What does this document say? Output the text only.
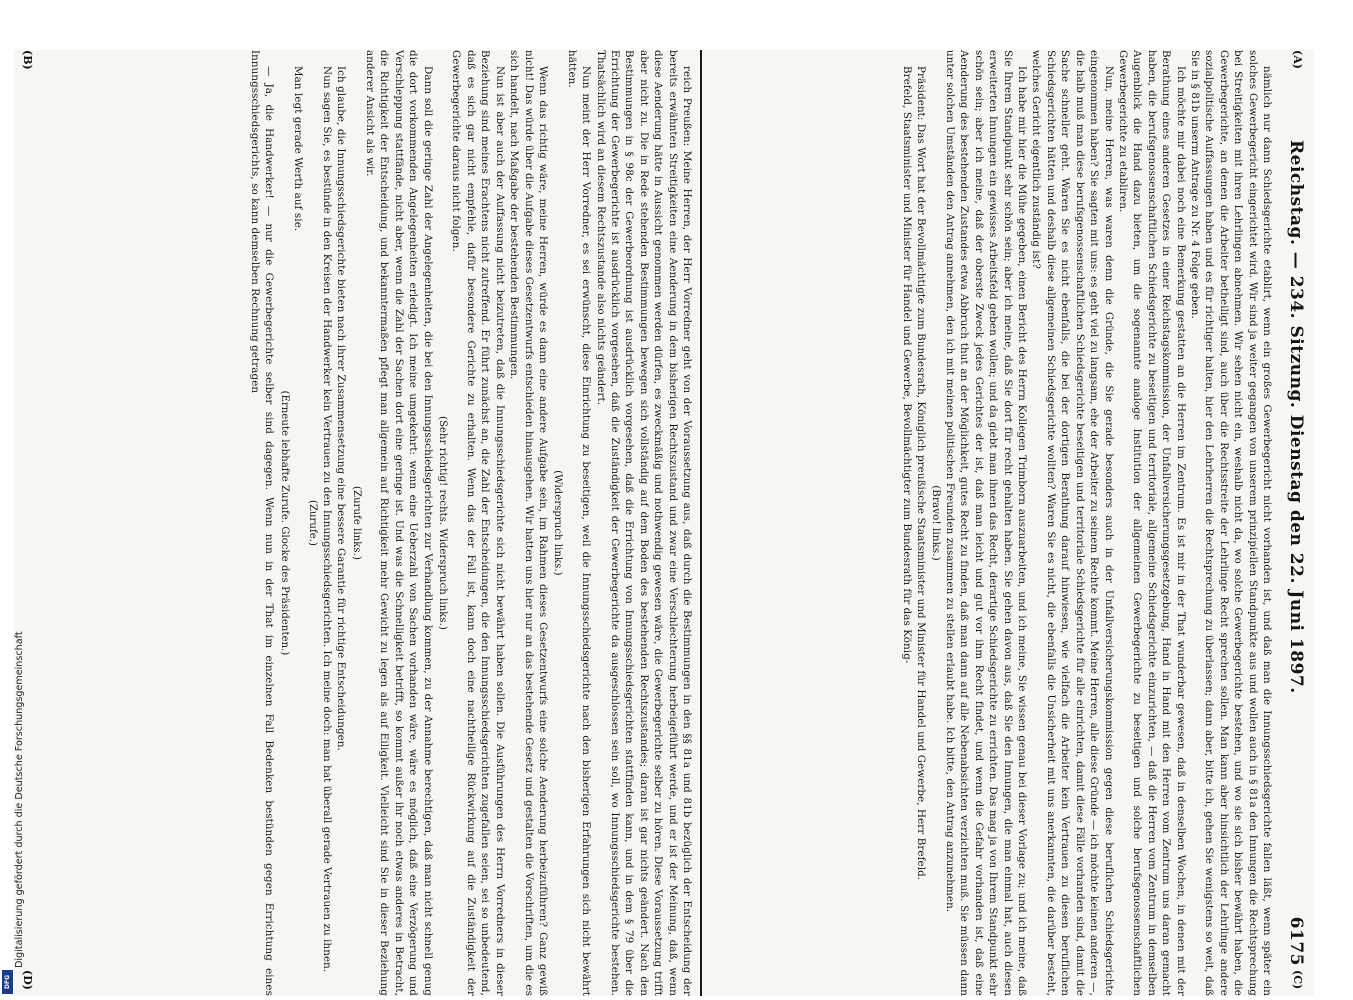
Reichstag. — 234. Sitzung. Dienstag den 22. Juni 1897.
6175
(A)
(B)
(C)
(D)	nämlich nur dann Schiedsgerichte etablirt, wenn ein großes Gewerbegericht nicht vorhanden ist, und daß man die Innungsschiedsgerichte fallen läßt, wenn später ein solches Gewerbegericht eingerichtet wird. Wir sind ja weiter gegangen von unserem prinzipiellen Standpunkte aus und wollen auch in § 81a den Innungen die Rechtsprechung bei Streitigkeiten mit ihren Lehrlingen abnehmen. Wir sehen nicht ein, weshalb nicht da, wo solche Gewerbegerichte bestehen, und wo sie sich bisher bewährt haben, die Gewerbegerichte, an denen die Arbeiter betheiligt sind, auch über die Rechtsstreite der Lehrlinge Recht sprechen sollen. Man kann aber hinsichtlich der Lehrlinge andere sozialpolitische Auffassungen haben und es für richtiger halten, hier den Lehrherren die Rechtsprechung zu überlassen; dann aber, bitte ich, gehen Sie wenigstens so weit, daß Sie in § 81b unserm Antrage zu Nr. 4 Folge geben.

Ich möchte mir dabei noch eine Bemerkung gestatten an die Herren im Zentrum. Es ist mir in der That wunderbar gewesen, daß in denselben Wochen, in denen mit der Berathung eines anderen Gesetzes in einer Reichstagskommission, der Unfallversicherungsgesetzgebung, Hand in Hand mit den Herren vom Zentrum uns daran gemacht haben, die berufsgenossenschaftlichen Schiedsgerichte zu beseitigen und territoriale, allgemeine Schiedsgerichte einzurichten, — daß die Herren vom Zentrum in demselben Augenblick die Hand dazu bieten, um die sogenannte analoge Institution der allgemeinen Gewerbegerichte zu beseitigen und solche berufsgenossenschaftlichen Gewerbegerichte zu etabliren.

Nun, meine Herren, was waren denn die Gründe, die Sie gerade besonders auch in der Unfallversicherungskommission gegen diese beruflichen Schiedsgerichte eingenommen haben? Sie sagten mit uns: es geht viel zu langsam, ehe der Arbeiter zu seinem Rechte kommt. Meine Herren, alle diese Gründe — ich möchte keinen anderen —, die halb muß man diese berufsgenossenschaftlichen Schiedsgerichte beseitigen und territoriale Schiedsgerichte für alle einrichten, damit diese Fälle vorhanden sind, damit die Sache schneller geht. Waren Sie es nicht ebenfalls, die bei der dortigen Berathung darauf hinwiesen, wie vielfach die Arbeiter kein Vertrauen zu diesen beruflichen Schiedsgerichten hätten und deshalb diese allgemeinen Schiedsgerichte wollten? Waren Sie es nicht, die ebenfalls die Unsicherheit mit uns anerkannten, die darüber besteht, welches Gericht eigentlich zuständig ist?

Ich habe mir hier die Mühe gegeben, einen Bericht des Herrn Kollegen Trimborn auszuarbeiten, und ich meine, Sie wissen genau bei dieser Vorlage zu; und ich meine, daß Sie Ihrem Standpunkt sehr schön sein; aber ich meine, daß Sie dort für recht gehalten haben. Sie gehen davon aus, daß Sie den Innungen, die man einmal hat, auch diesen erweiterten Innungen ein gewisses Arbeitsfeld geben wollen; und da giebt man ihnen das Recht, derartige Schiedsgerichte zu errichten. Das mag ja von Ihrem Standpunkt sehr schön sein; aber ich meine, daß der oberste Zweck jedes Gerichtes der ist, daß man leicht und gut vor ihm Recht findet, und wenn die Gefahr vorhanden ist, daß eine Aenderung des bestehenden Zustandes etwa Abbruch thut an der Möglichkeit, gutes Recht zu finden, daß man dann auf alle Nebenabsichten verzichten muß. Sie müssen dann unter solchen Umständen den Antrag annehmen, den ich mit meinen politischen Freunden zusammen zu stellen erlaubt habe. Ich bitte, den Antrag anzunehmen.

(Bravo! links.)

Präsident: Das Wort hat der Bevollmächtigte zum Bundesrath, Königlich preußische Staatsminister und Minister für Handel und Gewerbe, Herr Brefeld.

Brefeld, Staatsminister und Minister für Handel und Gewerbe, Bevollmächtigter zum Bundesrath für das König-

reich Preußen: Meine Herren, der Herr Vorredner geht von der Voraussetzung aus, daß durch die Bestimmungen in den §§ 81a und 81b bezüglich der Entscheidung der bereits erwähnten Streitigkeiten eine Aenderung in dem bisherigen Rechtszustand und zwar eine Verschlechterung herbeigeführt werde, und er ist der Meinung, daß, wenn diese Aenderung hätte in Aussicht genommen werden dürfen, es zweckmäßig und nothwendig gewesen wäre, die Gewerbegerichte selber zu hören. Diese Voraussetzung trifft aber nicht zu. Die in Rede stehenden Bestimmungen bewegen sich vollständig auf dem Boden des bestehenden Rechtszustandes; daran ist gar nichts geändert. Nach den Bestimmungen in § 98c der Gewerbeordnung ist ausdrücklich vorgesehen, daß die Errichtung von Innungsschiedsgerichten stattfinden kann, und in dem § 79 über die Errichtung der Gewerbegerichte ist ausdrücklich vorgesehen, daß die Zuständigkeit der Gewerbegerichte da ausgeschlossen sein soll, wo Innungsschiedsgerichte bestehen. Thatsächlich wird an diesem Rechtszustande also nichts geändert.

Nun meint der Herr Vorredner, es sei erwünscht, diese Einrichtung zu beseitigen, weil die Innungsschiedsgerichte nach den bisherigen Erfahrungen sich nicht bewährt hätten.

(Widerspruch links.)

Wenn das richtig wäre, meine Herren, würde es dann eine andere Aufgabe sein, im Rahmen dieses Gesetzentwurfs eine solche Aenderung herbeizuführen? Ganz gewiß nicht! Das würde über die Aufgabe dieses Gesetzentwurfs entschieden hinausgehen. Wir hatten uns hier nur an das bestehende Gesetz und gestalten die Vorschriften, um die es sich handelt, nach Maßgabe der bestehenden Bestimmungen.

Nun ist aber auch der Auffassung nicht beizutreten, daß die Innungsschiedsgerichte sich nicht bewährt haben sollen. Die Ausführungen des Herrn Vorredners in dieser Beziehung sind meines Erachtens nicht zutreffend. Er führt zunächst an, die Zahl der Entscheidungen, die den Innungsschiedsgerichten zugefallen seien, sei so unbedeutend, daß es sich gar nicht empfehle, dafür besondere Gerichte zu erhalten. Wenn das der Fall ist, kann doch eine nachtheilige Rückwirkung auf die Zuständigkeit der Gewerbegerichte daraus nicht folgen.

(Sehr richtig! rechts. Widerspruch links.)

Dann soll die geringe Zahl der Angelegenheiten, die bei den Innungsschiedsgerichten zur Verhandlung kommen, zu der Annahme berechtigen, daß man nicht schnell genug die dort vorkommenden Angelegenheiten erledigt. Ich meine umgekehrt: wenn eine Ueberzahl von Sachen vorhanden wäre, wäre es möglich, daß eine Verzögerung und Verschleppung stattfände, nicht aber, wenn die Zahl der Sachen dort eine geringe ist. Und was die Schnelligkeit betrifft, so kommt außer ihr noch etwas anderes in Betracht, die Richtigkeit der Entscheidung, und bekanntermaßen pflegt man allgemein auf Richtigkeit mehr Gewicht zu legen als auf Eiligkeit. Vielleicht sind Sie in dieser Beziehung anderer Ansicht als wir.

(Zurufe links.)

Ich glaube, die Innungsschiedsgerichte bieten nach ihrer Zusammensetzung eine bessere Garantie für richtige Entscheidungen.

Nun sagen Sie, es bestünde in den Kreisen der Handwerker kein Vertrauen zu den Innungsschiedsgerichten. Ich meine doch: man hat überall gerade Vertrauen zu ihnen.

(Zurufe.)

Man legt gerade Werth auf sie.

(Erneute lebhafte Zurufe. Glocke des Präsidenten.)

— Ja, die Handwerker! — nur die Gewerbegerichte selber sind dagegen. Wenn nun in der That im einzelnen Fall Bedenken bestünden gegen Errichtung eines Innungsschiedsgerichts, so kann demselben Rechnung getragen

Digitalisierung gefördert durch die Deutsche Forschungsgemeinschaft
DFG
